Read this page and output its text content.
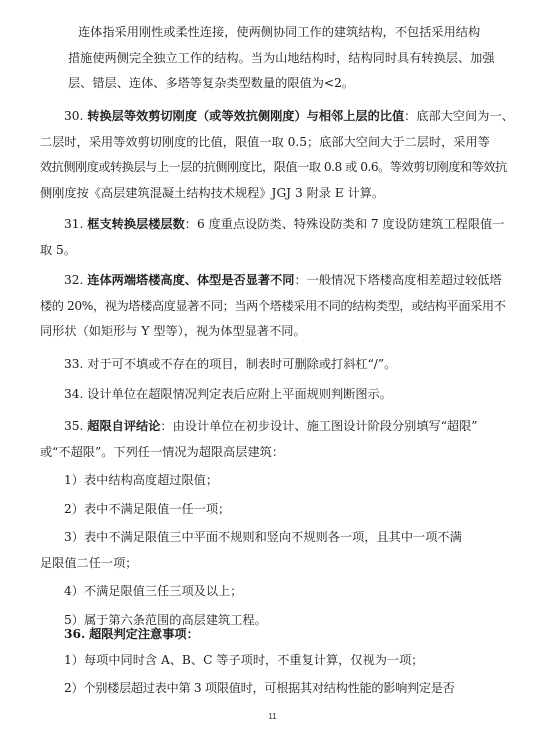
连体指采用刚性或柔性连接，使两侧协同工作的建筑结构，不包括采用结构
措施使两侧完全独立工作的结构。当为山地结构时，结构同时具有转换层、加强
层、错层、连体、多塔等复杂类型数量的限值为<2。
30. 转换层等效剪切刚度（或等效抗侧刚度）与相邻上层的比值：底部大空间为一、
二层时，采用等效剪切刚度的比值，限值一取 0.5；底部大空间大于二层时，采用等
效抗侧刚度或转换层与上一层的抗侧刚度比，限值一取 0.8 或 0.6。等效剪切刚度和等效抗
侧刚度按《高层建筑混凝土结构技术规程》JGJ 3 附录 E 计算。
31. 框支转换层楼层数：6 度重点设防类、特殊设防类和 7 度设防建筑工程限值一
取 5。
32. 连体两端塔楼高度、体型是否显著不同：一般情况下塔楼高度相差超过较低塔
楼的 20%，视为塔楼高度显著不同；当两个塔楼采用不同的结构类型，或结构平面采用不
同形状（如矩形与 Y 型等），视为体型显著不同。
33. 对于可不填或不存在的项目，制表时可删除或打斜杠“/”。
34. 设计单位在超限情况判定表后应附上平面规则判断图示。
35. 超限自评结论：由设计单位在初步设计、施工图设计阶段分别填写“超限”
或“不超限”。下列任一情况为超限高层建筑：
1）表中结构高度超过限值；
2）表中不满足限值一任一项；
3）表中不满足限值三中平面不规则和竖向不规则各一项，且其中一项不满
足限值二任一项；
4）不满足限值三任三项及以上；
5）属于第六条范围的高层建筑工程。
36. 超限判定注意事项：
1）每项中同时含 A、B、C 等子项时，不重复计算，仅视为一项；
2）个别楼层超过表中第 3 项限值时，可根据其对结构性能的影响判定是否
11
